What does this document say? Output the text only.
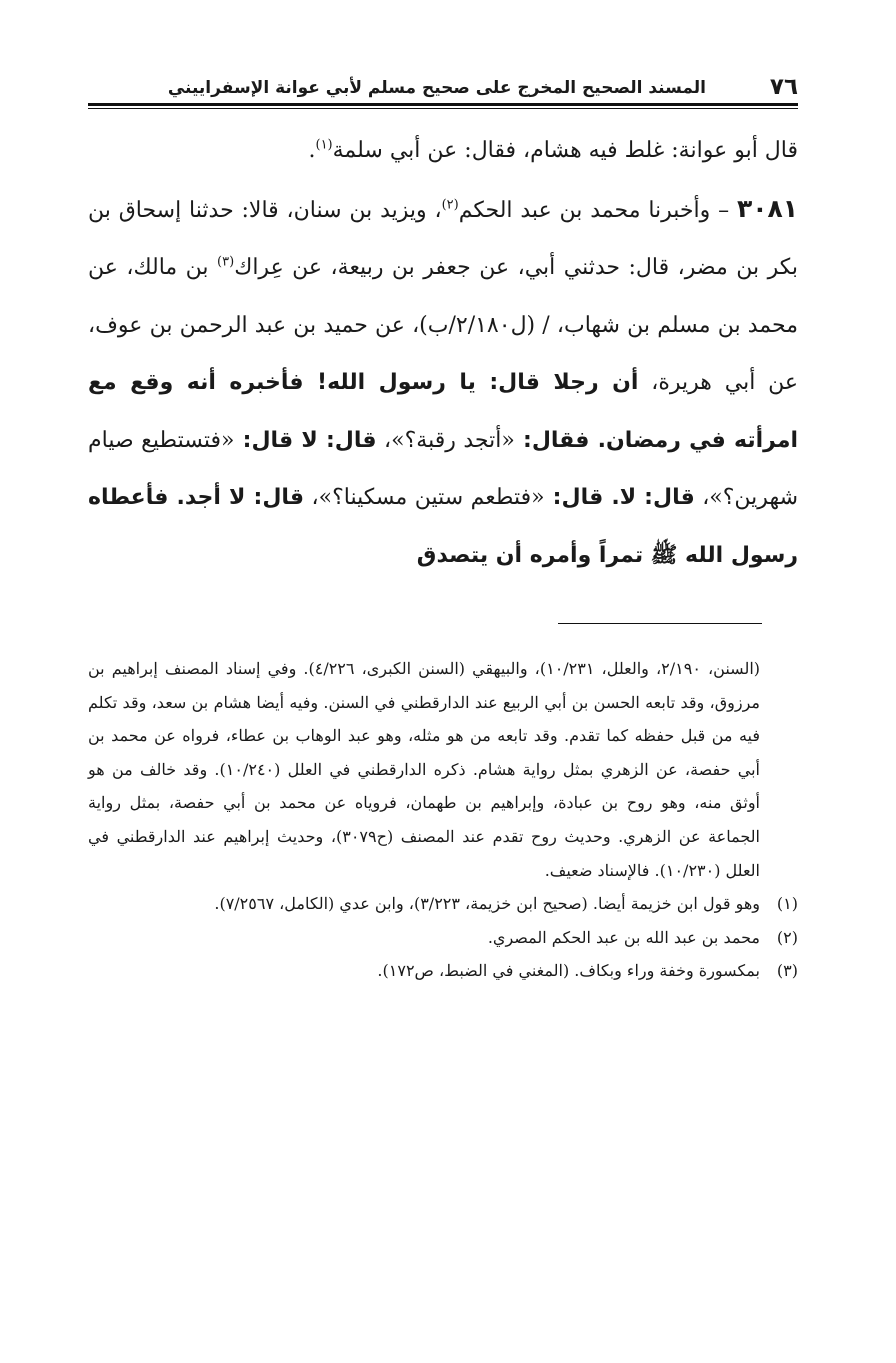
٧٦
المسند الصحيح المخرج على صحيح مسلم لأبي عوانة الإسفراييني

قال أبو عوانة: غلط فيه هشام، فقال: عن أبي سلمة$^{(١)}$.

٣٠٨١ – وأخبرنا محمد بن عبد الحكم$^{(٢)}$، ويزيد بن سنان، قالا: حدثنا إسحاق بن بكر بن مضر، قال: حدثني أبي، عن جعفر بن ربيعة، عن عِراك$^{(٣)}$ بن مالك، عن محمد بن مسلم بن شهاب، / (ل٢/١٨٠/ب)، عن حميد بن عبد الرحمن بن عوف، عن أبي هريرة، أن رجلا قال: يا رسول الله! فأخبره أنه وقع مع امرأته في رمضان. فقال: «أتجد رقبة؟»، قال: لا قال: «فتستطيع صيام شهرين؟»، قال: لا. قال: «فتطعم ستين مسكينا؟»، قال: لا أجد. فأعطاه رسول الله ﷺ تمراً وأمره أن يتصدق

(السنن، ٢/١٩٠، والعلل، ١٠/٢٣١)، والبيهقي (السنن الكبرى، ٤/٢٢٦). وفي إسناد المصنف إبراهيم بن مرزوق، وقد تابعه الحسن بن أبي الربيع عند الدارقطني في السنن. وفيه أيضا هشام بن سعد، وقد تكلم فيه من قبل حفظه كما تقدم. وقد تابعه من هو مثله، وهو عبد الوهاب بن عطاء، فرواه عن محمد بن أبي حفصة، عن الزهري بمثل رواية هشام. ذكره الدارقطني في العلل (١٠/٢٤٠). وقد خالف من هو أوثق منه، وهو روح بن عبادة، وإبراهيم بن طهمان، فروياه عن محمد بن أبي حفصة، بمثل رواية الجماعة عن الزهري. وحديث روح تقدم عند المصنف (ح٣٠٧٩)، وحديث إبراهيم عند الدارقطني في العلل (١٠/٢٣٠). فالإسناد ضعيف.

(١)
وهو قول ابن خزيمة أيضا. (صحيح ابن خزيمة، ٣/٢٢٣)، وابن عدي (الكامل، ٧/٢٥٦٧).

(٢)
محمد بن عبد الله بن عبد الحكم المصري.

(٣)
بمكسورة وخفة وراء وبكاف. (المغني في الضبط، ص١٧٢).
